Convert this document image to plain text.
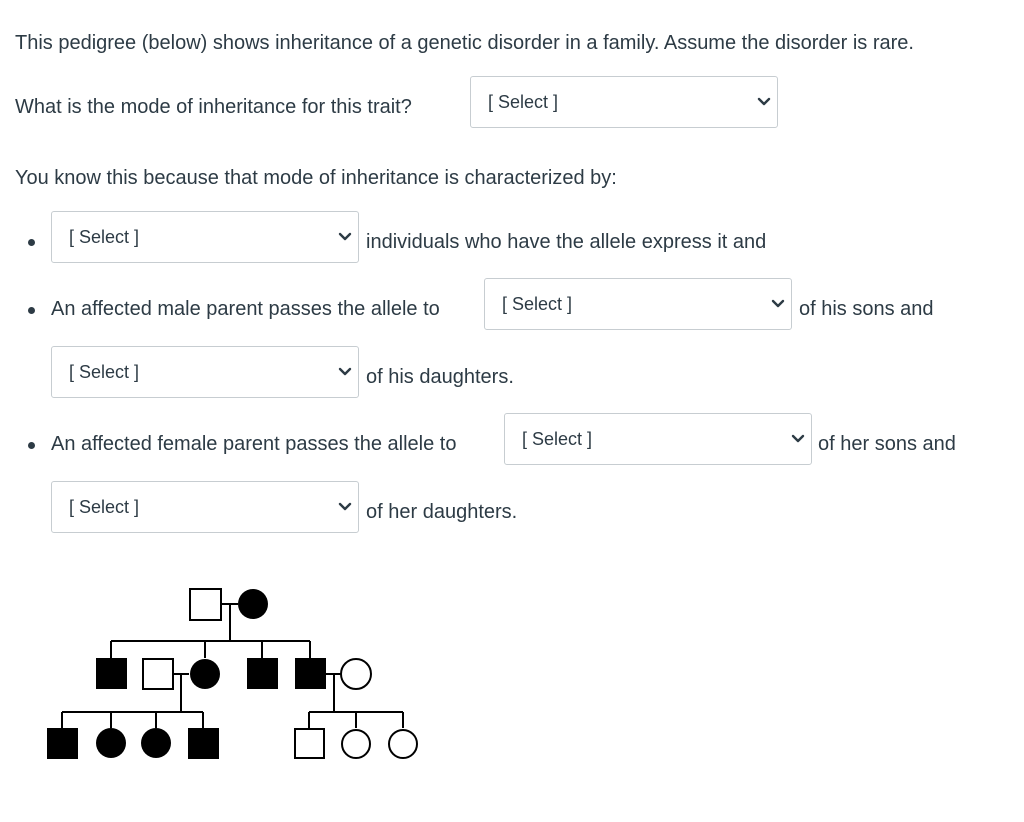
This pedigree (below) shows inheritance of a genetic disorder in a family. Assume the disorder is rare.
What is the mode of inheritance for this trait?	[ Select ]
You know this because that mode of inheritance is characterized by:
[ Select ]	individuals who have the allele express it and
An affected male parent passes the allele to	[ Select ]	of his sons and
[ Select ]	of his daughters.
An affected female parent passes the allele to	[ Select ]	of her sons and
[ Select ]	of her daughters.
